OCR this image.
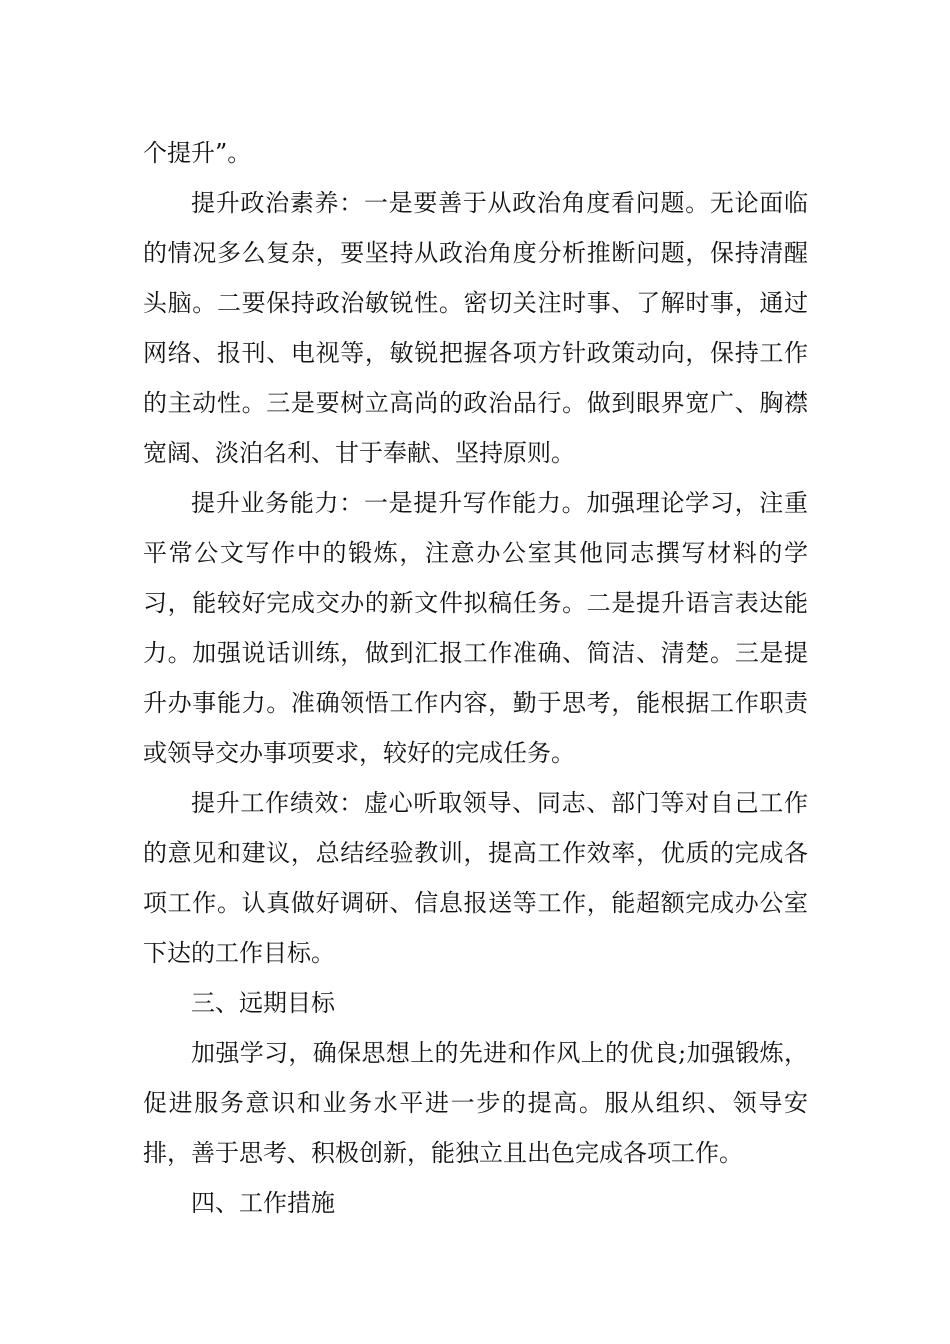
个提升”。

提升政治素养：一是要善于从政治角度看问题。无论面临的情况多么复杂，要坚持从政治角度分析推断问题，保持清醒头脑。二要保持政治敏锐性。密切关注时事、了解时事，通过网络、报刊、电视等，敏锐把握各项方针政策动向，保持工作的主动性。三是要树立高尚的政治品行。做到眼界宽广、胸襟宽阔、淡泊名利、甘于奉献、坚持原则。

提升业务能力：一是提升写作能力。加强理论学习，注重平常公文写作中的锻炼，注意办公室其他同志撰写材料的学习，能较好完成交办的新文件拟稿任务。二是提升语言表达能力。加强说话训练，做到汇报工作准确、简洁、清楚。三是提升办事能力。准确领悟工作内容，勤于思考，能根据工作职责或领导交办事项要求，较好的完成任务。

提升工作绩效：虚心听取领导、同志、部门等对自己工作的意见和建议，总结经验教训，提高工作效率，优质的完成各项工作。认真做好调研、信息报送等工作，能超额完成办公室下达的工作目标。

三、远期目标

加强学习，确保思想上的先进和作风上的优良;加强锻炼，促进服务意识和业务水平进一步的提高。服从组织、领导安排，善于思考、积极创新，能独立且出色完成各项工作。

四、工作措施
